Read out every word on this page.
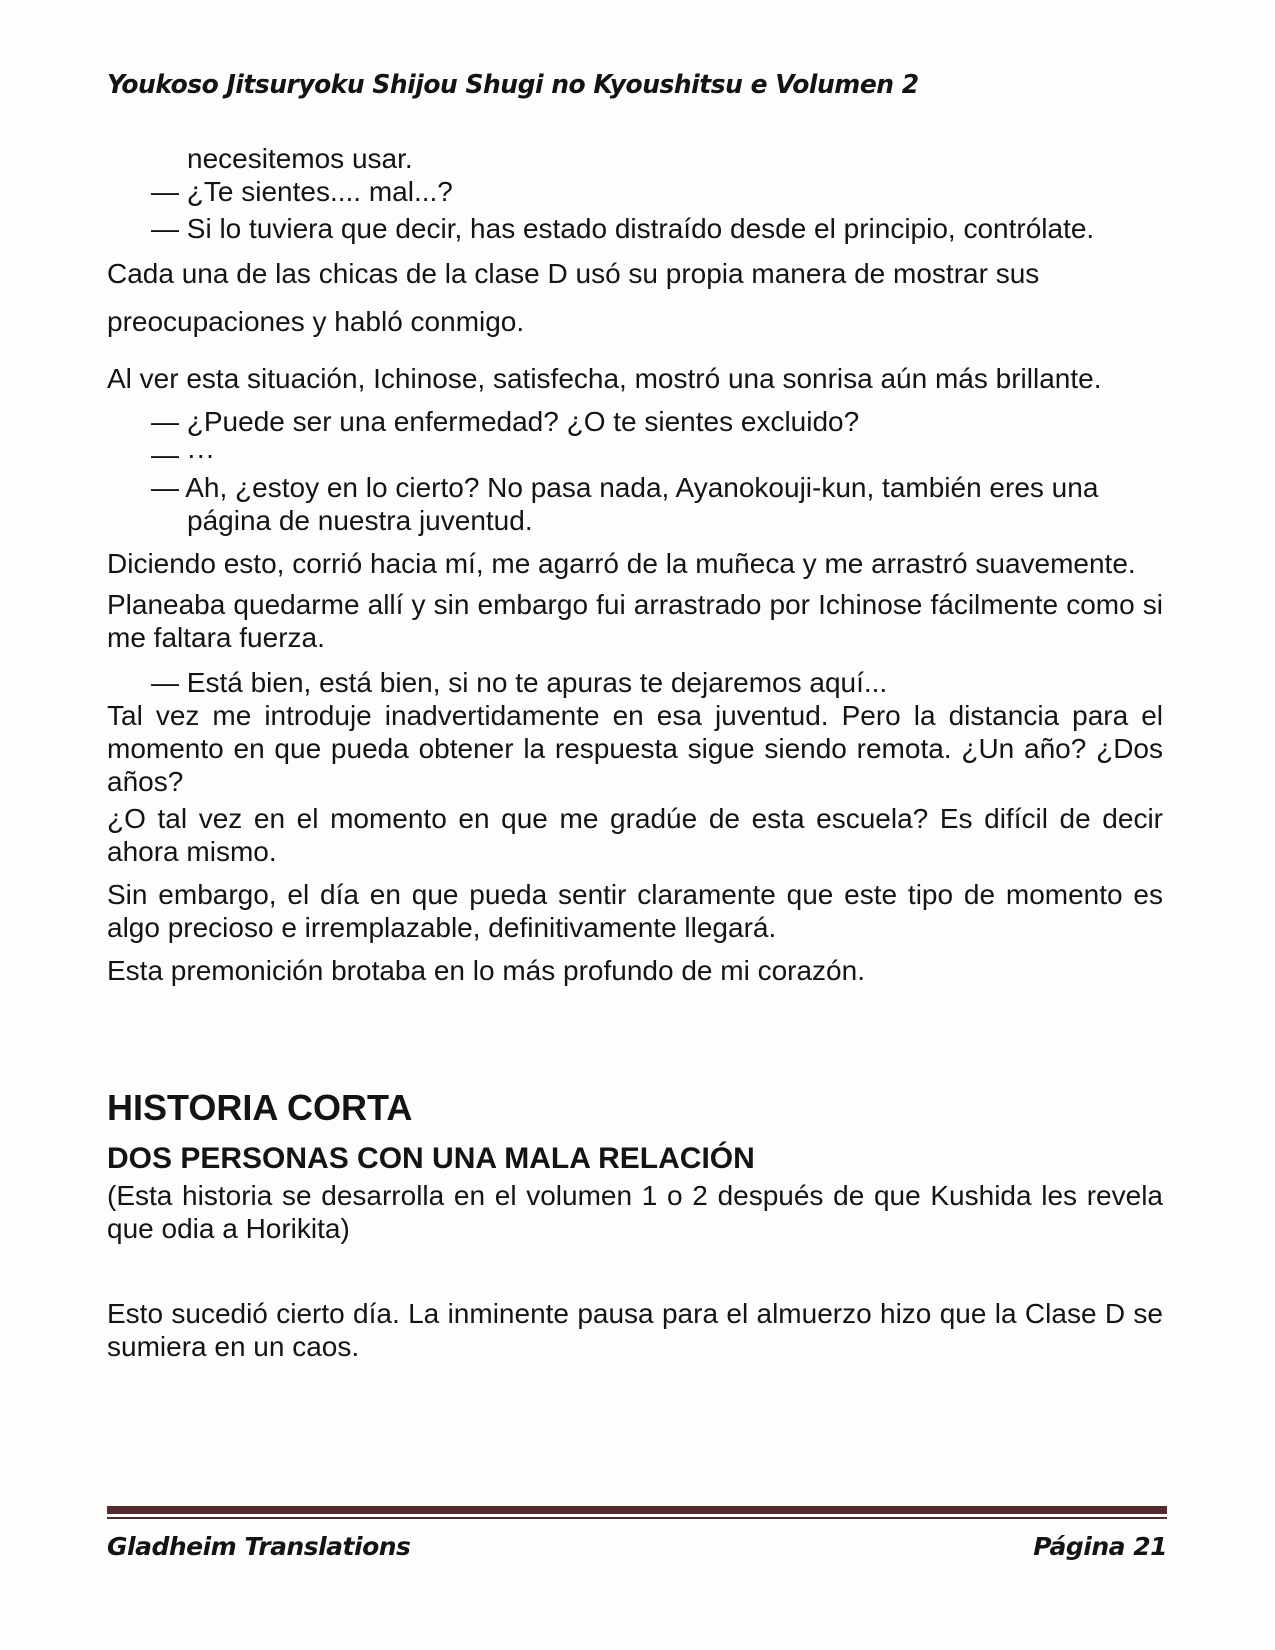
Youkoso Jitsuryoku Shijou Shugi no Kyoushitsu e Volumen 2

necesitemos usar.

— ¿Te sientes.... mal...?

— Si lo tuviera que decir, has estado distraído desde el principio, contrólate.

Cada una de las chicas de la clase D usó su propia manera de mostrar sus preocupaciones y habló conmigo.

Al ver esta situación, Ichinose, satisfecha, mostró una sonrisa aún más brillante.

— ¿Puede ser una enfermedad? ¿O te sientes excluido?

— ···

— Ah, ¿estoy en lo cierto? No pasa nada, Ayanokouji-kun, también eres una página de nuestra juventud.

Diciendo esto, corrió hacia mí, me agarró de la muñeca y me arrastró suavemente.

Planeaba quedarme allí y sin embargo fui arrastrado por Ichinose fácilmente como si me faltara fuerza.

— Está bien, está bien, si no te apuras te dejaremos aquí...

Tal vez me introduje inadvertidamente en esa juventud. Pero la distancia para el momento en que pueda obtener la respuesta sigue siendo remota. ¿Un año? ¿Dos años?

¿O tal vez en el momento en que me gradúe de esta escuela? Es difícil de decir ahora mismo.

Sin embargo, el día en que pueda sentir claramente que este tipo de momento es algo precioso e irremplazable, definitivamente llegará.

Esta premonición brotaba en lo más profundo de mi corazón.

HISTORIA CORTA

DOS PERSONAS CON UNA MALA RELACIÓN

(Esta historia se desarrolla en el volumen 1 o 2 después de que Kushida les revela que odia a Horikita)

Esto sucedió cierto día. La inminente pausa para el almuerzo hizo que la Clase D se sumiera en un caos.

Gladheim Translations	Página 21
